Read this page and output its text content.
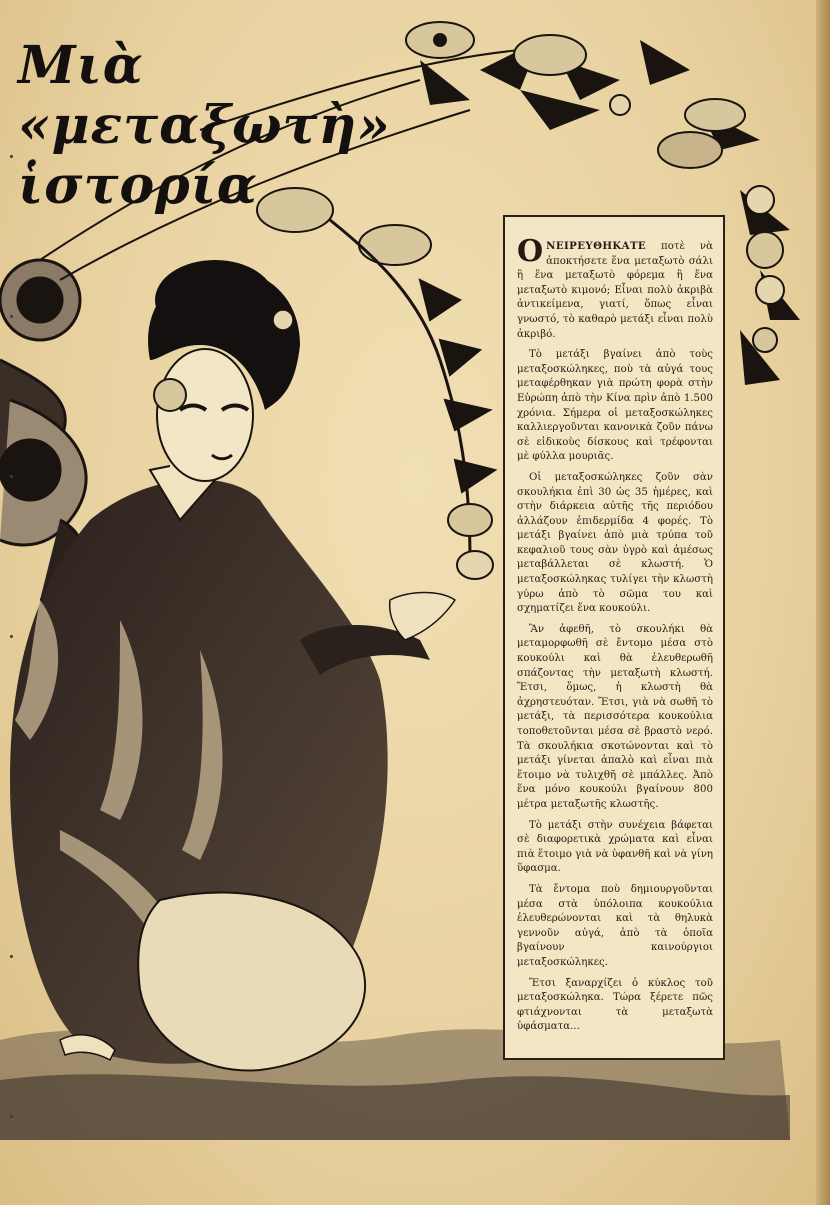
Μιὰ
«μεταξωτὴ»
ἱστορία

ΟΝΕΙΡΕΥΘΗΚΑΤΕ ποτὲ νὰ ἀποκτήσετε ἕνα μεταξωτὸ σάλι ἢ ἕνα μεταξωτὸ φόρεμα ἢ ἕνα μεταξωτὸ κιμονό; Εἶναι πολὺ ἀκριβὰ ἀντικείμενα, γιατί, ὅπως εἶναι γνωστό, τὸ καθαρὸ μετάξι εἶναι πολὺ ἀκριβό.

Τὸ μετάξι βγαίνει ἀπὸ τοὺς μεταξοσκώληκες, ποὺ τὰ αὐγά τους μεταφέρθηκαν γιὰ πρώτη φορὰ στὴν Εὐρώπη ἀπὸ τὴν Κίνα πρὶν ἀπὸ 1.500 χρόνια. Σήμερα οἱ μεταξοσκώληκες καλλιεργοῦνται κανονικὰ ζοῦν πάνω σὲ εἰδικοὺς δίσκους καὶ τρέφονται μὲ φύλλα μουριᾶς.

Οἱ μεταξοσκώληκες ζοῦν σὰν σκουλήκια ἐπὶ 30 ὡς 35 ἡμέρες, καὶ στὴν διάρκεια αὐτῆς τῆς περιόδου ἀλλάζουν ἐπιδερμίδα 4 φορές. Τὸ μετάξι βγαίνει ἀπὸ μιὰ τρύπα τοῦ κεφαλιοῦ τους σὰν ὑγρὸ καὶ ἀμέσως μεταβάλλεται σὲ κλωστή. Ὁ μεταξοσκώληκας τυλίγει τὴν κλωστὴ γύρω ἀπὸ τὸ σῶμα του καὶ σχηματίζει ἕνα κουκούλι.

Ἂν ἀφεθῆ, τὸ σκουλήκι θὰ μεταμορφωθῆ σὲ ἔντομο μέσα στὸ κουκούλι καὶ θὰ ἐλευθερωθῆ σπάζοντας τὴν μεταξωτὴ κλωστή. Ἔτσι, ὅμως, ἡ κλωστὴ θὰ ἀχρηστευόταν. Ἔτσι, γιὰ νὰ σωθῆ τὸ μετάξι, τὰ περισσότερα κουκούλια τοποθετοῦνται μέσα σὲ βραστὸ νερό. Τὰ σκουλήκια σκοτώνονται καὶ τὸ μετάξι γίνεται ἁπαλὸ καὶ εἶναι πιὰ ἕτοιμο νὰ τυλιχθῆ σὲ μπάλλες. Ἀπὸ ἕνα μόνο κουκούλι βγαίνουν 800 μέτρα μεταξωτῆς κλωστῆς.

Τὸ μετάξι στὴν συνέχεια βάφεται σὲ διαφορετικὰ χρώματα καὶ εἶναι πιὰ ἕτοιμο γιὰ νὰ ὑφανθῆ καὶ νὰ γίνη ὕφασμα.

Τὰ ἔντομα ποὺ δημιουργοῦνται μέσα στὰ ὑπόλοιπα κουκούλια ἐλευθερώνονται καὶ τὰ θηλυκὰ γεννοῦν αὐγά, ἀπὸ τὰ ὁποῖα βγαίνουν καινούργιοι μεταξοσκώληκες.

Ἔτσι ξαναρχίζει ὁ κύκλος τοῦ μεταξοσκώληκα. Τώρα ξέρετε πῶς φτιάχνονται τὰ μεταξωτὰ ὑφάσματα...
